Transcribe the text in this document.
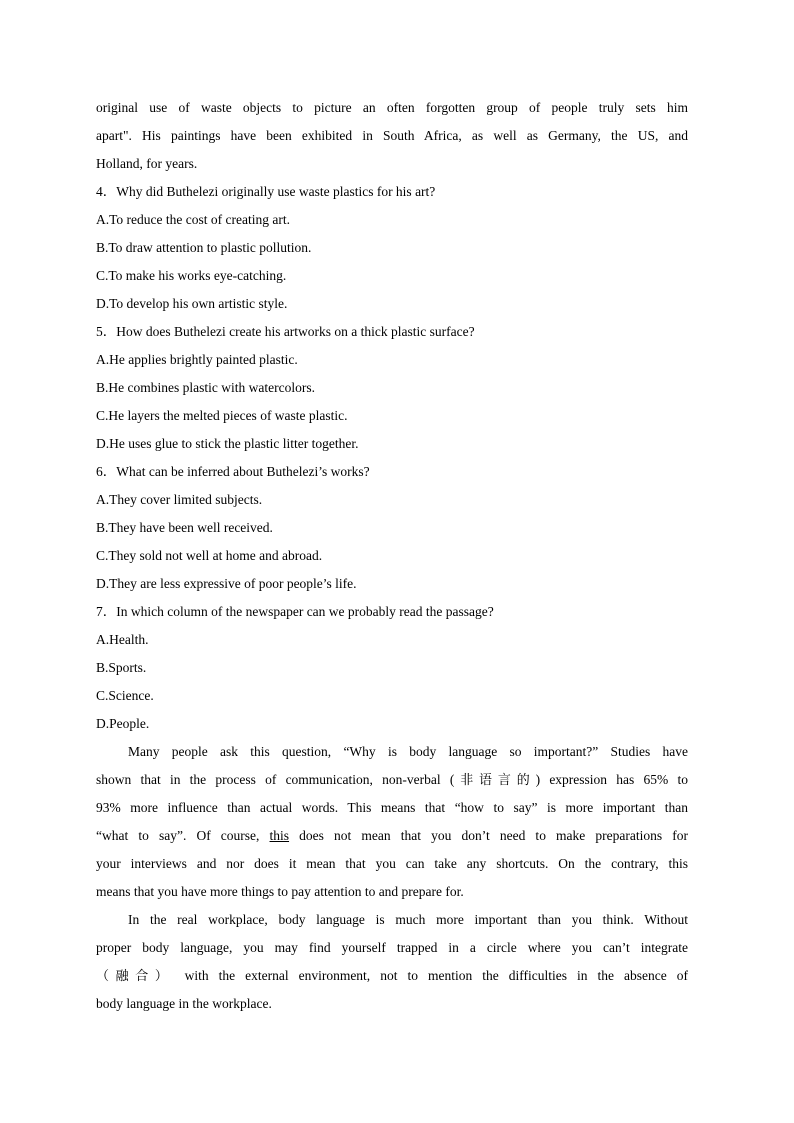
original use of waste objects to picture an often forgotten group of people truly sets him
apart". His paintings have been exhibited in South Africa, as well as Germany, the US, and
Holland, for years.
4．Why did Buthelezi originally use waste plastics for his art?
A.To reduce the cost of creating art.
B.To draw attention to plastic pollution.
C.To make his works eye-catching.
D.To develop his own artistic style.
5．How does Buthelezi create his artworks on a thick plastic surface?
A.He applies brightly painted plastic.
B.He combines plastic with watercolors.
C.He layers the melted pieces of waste plastic.
D.He uses glue to stick the plastic litter together.
6．What can be inferred about Buthelezi’s works?
A.They cover limited subjects.
B.They have been well received.
C.They sold not well at home and abroad.
D.They are less expressive of poor people’s life.
7．In which column of the newspaper can we probably read the passage?
A.Health.
B.Sports.
C.Science.
D.People.
Many people ask this question, “Why is body language so important?” Studies have
shown that in the process of communication, non-verbal (非语言的) expression has 65% to
93% more influence than actual words. This means that “how to say” is more important than
“what to say”. Of course, this does not mean that you don’t need to make preparations for
your interviews and nor does it mean that you can take any shortcuts. On the contrary, this
means that you have more things to pay attention to and prepare for.
In the real workplace, body language is much more important than you think. Without
proper body language, you may find yourself trapped in a circle where you can’t integrate
（融合） with the external environment, not to mention the difficulties in the absence of
body language in the workplace.
